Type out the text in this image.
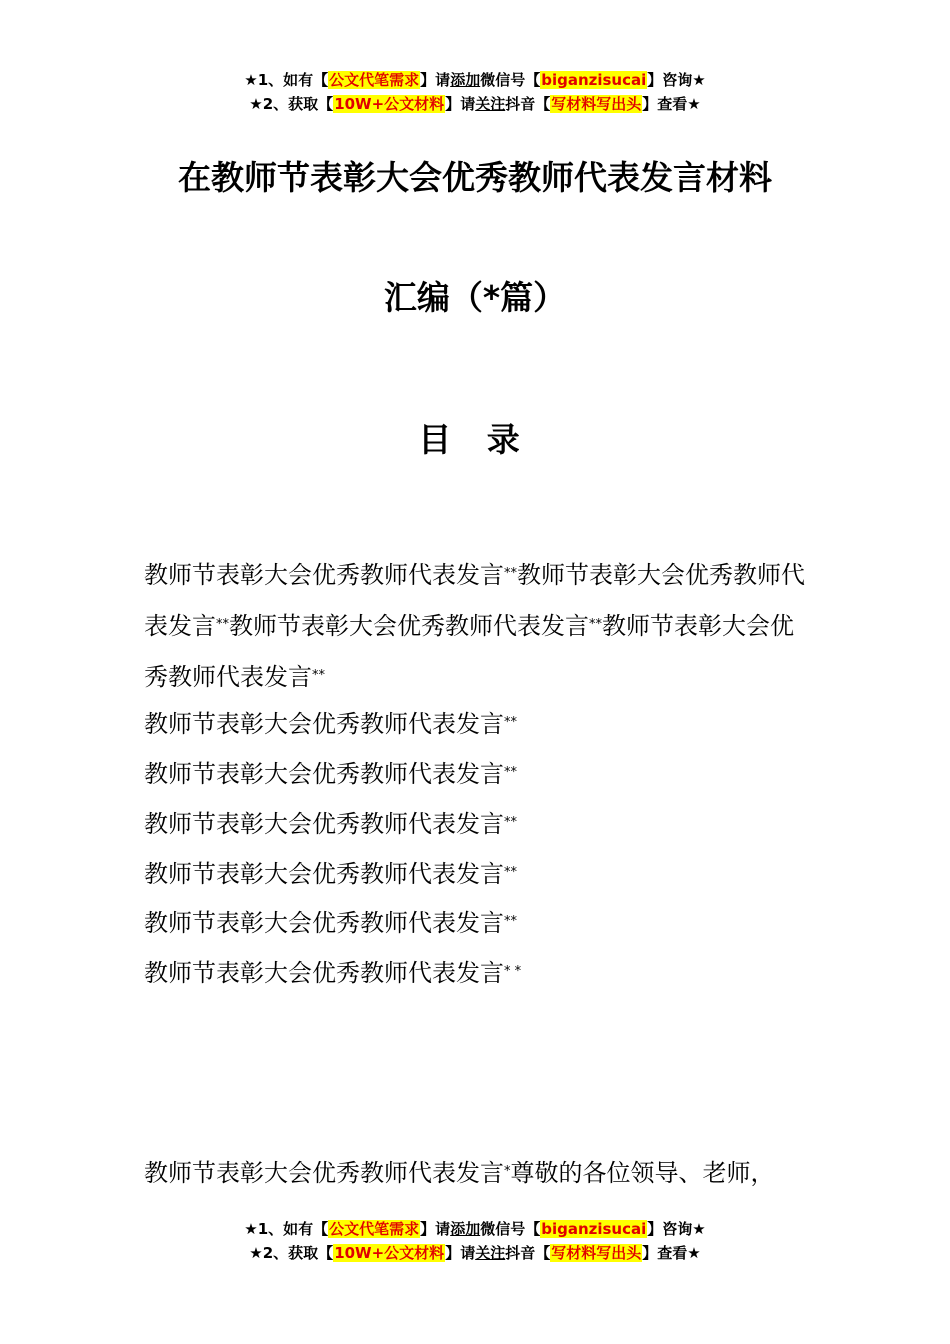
★1、如有【公文代笔需求】请添加微信号【biganzisucai】咨询★
★2、获取【10W+公文材料】请关注抖音【写材料写出头】查看★
在教师节表彰大会优秀教师代表发言材料
汇编（*篇）
目 录

教师节表彰大会优秀教师代表发言**教师节表彰大会优秀教师代表发言**教师节表彰大会优秀教师代表发言**教师节表彰大会优秀教师代表发言**

教师节表彰大会优秀教师代表发言**
教师节表彰大会优秀教师代表发言**
教师节表彰大会优秀教师代表发言**
教师节表彰大会优秀教师代表发言**
教师节表彰大会优秀教师代表发言**
教师节表彰大会优秀教师代表发言* *
教师节表彰大会优秀教师代表发言*尊敬的各位领导、老师，
★1、如有【公文代笔需求】请添加微信号【biganzisucai】咨询★
★2、获取【10W+公文材料】请关注抖音【写材料写出头】查看★
